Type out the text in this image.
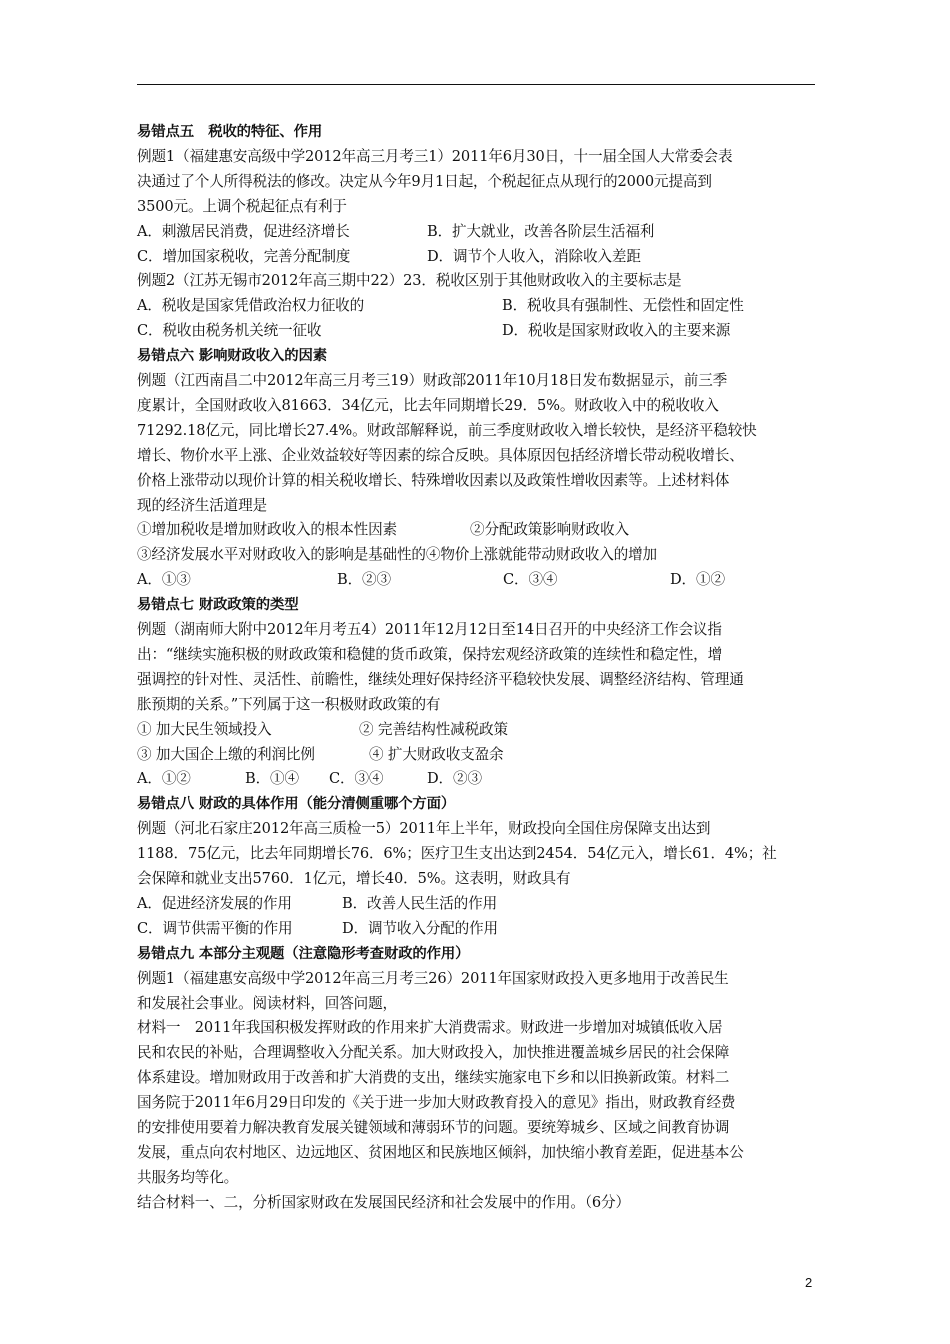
易错点五　税收的特征、作用
例题1（福建惠安高级中学2012年高三月考三1）2011年6月30日，十一届全国人大常委会表
决通过了个人所得税法的修改。决定从今年9月1日起，个税起征点从现行的2000元提高到
3500元。上调个税起征点有利于
A．刺激居民消费，促进经济增长	B．扩大就业，改善各阶层生活福利
C．增加国家税收，完善分配制度	D．调节个人收入，消除收入差距
例题2（江苏无锡市2012年高三期中22）23．税收区别于其他财政收入的主要标志是
A．税收是国家凭借政治权力征收的	B．税收具有强制性、无偿性和固定性
C．税收由税务机关统一征收	D．税收是国家财政收入的主要来源
易错点六 影响财政收入的因素
例题（江西南昌二中2012年高三月考三19）财政部2011年10月18日发布数据显示，前三季
度累计，全国财政收入81663．34亿元，比去年同期增长29．5%。财政收入中的税收收入
71292.18亿元，同比增长27.4%。财政部解释说，前三季度财政收入增长较快，是经济平稳较快
增长、物价水平上涨、企业效益较好等因素的综合反映。具体原因包括经济增长带动税收增长、
价格上涨带动以现价计算的相关税收增长、特殊增收因素以及政策性增收因素等。上述材料体
现的经济生活道理是
①增加税收是增加财政收入的根本性因素	②分配政策影响财政收入
③经济发展水平对财政收入的影响是基础性的④物价上涨就能带动财政收入的增加
A．①③	B．②③	C．③④	D．①②
易错点七 财政政策的类型
例题（湖南师大附中2012年月考五4）2011年12月12日至14日召开的中央经济工作会议指
出：“继续实施积极的财政政策和稳健的货币政策，保持宏观经济政策的连续性和稳定性，增
强调控的针对性、灵活性、前瞻性，继续处理好保持经济平稳较快发展、调整经济结构、管理通
胀预期的关系。”下列属于这一积极财政政策的有
① 加大民生领域投入	② 完善结构性减税政策
③ 加大国企上缴的利润比例	④ 扩大财政收支盈余
A．①②	B．①④ C．③④	D．②③
易错点八 财政的具体作用（能分清侧重哪个方面）
例题（河北石家庄2012年高三质检一5）2011年上半年，财政投向全国住房保障支出达到
1188．75亿元，比去年同期增长76．6%；医疗卫生支出达到2454．54亿元入，增长61．4%；社
会保障和就业支出5760．1亿元，增长40．5%。这表明，财政具有
A．促进经济发展的作用	B．改善人民生活的作用
C．调节供需平衡的作用	D．调节收入分配的作用
易错点九 本部分主观题（注意隐形考查财政的作用）
例题1（福建惠安高级中学2012年高三月考三26）2011年国家财政投入更多地用于改善民生
和发展社会事业。阅读材料，回答问题，
材料一　2011年我国积极发挥财政的作用来扩大消费需求。财政进一步增加对城镇低收入居
民和农民的补贴，合理调整收入分配关系。加大财政投入，加快推进覆盖城乡居民的社会保障
体系建设。增加财政用于改善和扩大消费的支出，继续实施家电下乡和以旧换新政策。材料二
国务院于2011年6月29日印发的《关于进一步加大财政教育投入的意见》指出，财政教育经费
的安排使用要着力解决教育发展关键领域和薄弱环节的问题。要统筹城乡、区域之间教育协调
发展，重点向农村地区、边远地区、贫困地区和民族地区倾斜，加快缩小教育差距，促进基本公
共服务均等化。
结合材料一、二，分析国家财政在发展国民经济和社会发展中的作用。（6分）
2
